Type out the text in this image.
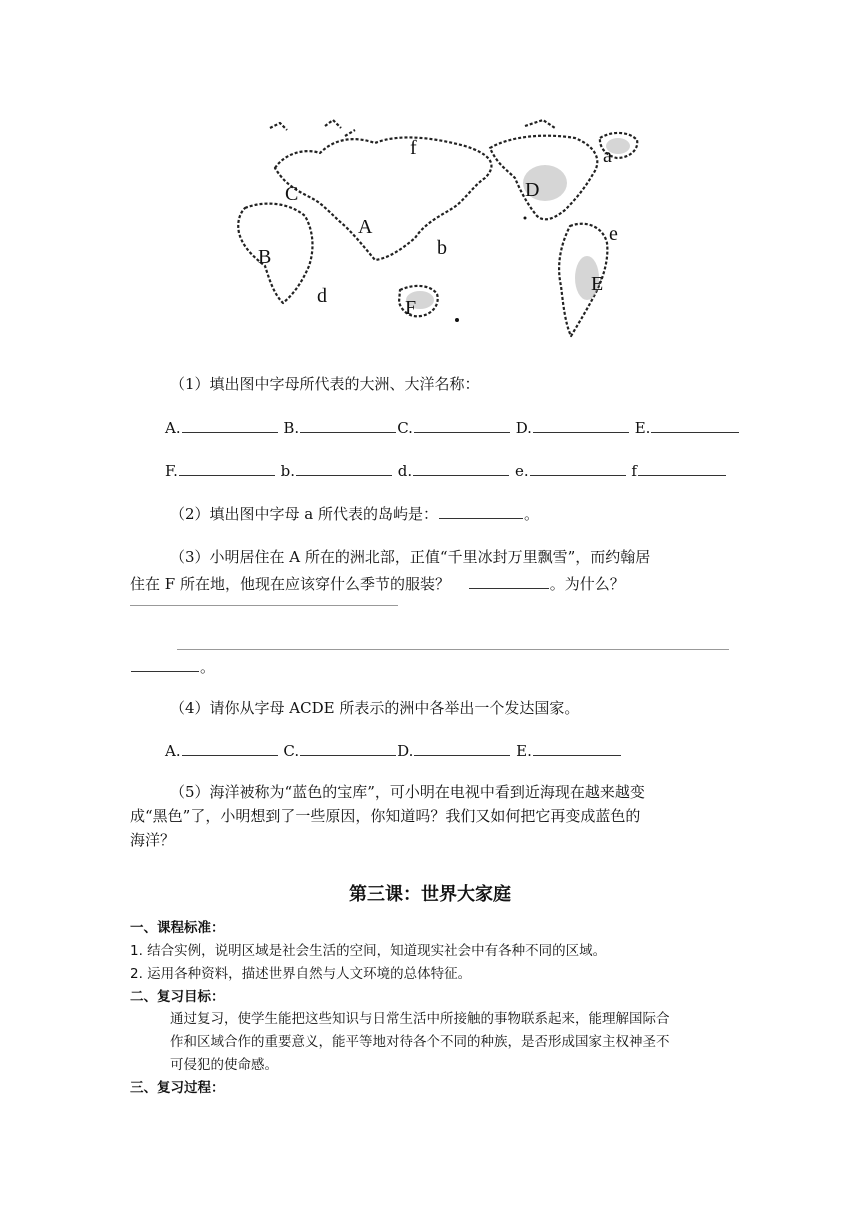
C
B
A
D
E
F
a
b
d
e
f
（1）填出图中字母所代表的大洲、大洋名称：
A.	B.	C.	D.	E.
F.	b.	d.	e.	f
（2）填出图中字母 a 所代表的岛屿是：	。
（3）小明居住在 A 所在的洲北部，正值“千里冰封万里飘雪”，而约翰居
住在 F 所在地，他现在应该穿什么季节的服装？	。为什么？
。
（4）请你从字母 ACDE 所表示的洲中各举出一个发达国家。
A.	C.	D.	E.
（5）海洋被称为“蓝色的宝库”，可小明在电视中看到近海现在越来越变
成“黑色”了，小明想到了一些原因，你知道吗？我们又如何把它再变成蓝色的
海洋？
第三课：世界大家庭
一、课程标准：
1. 结合实例，说明区域是社会生活的空间，知道现实社会中有各种不同的区域。
2. 运用各种资料，描述世界自然与人文环境的总体特征。
二、复习目标：
通过复习，使学生能把这些知识与日常生活中所接触的事物联系起来，能理解国际合
作和区域合作的重要意义，能平等地对待各个不同的种族，是否形成国家主权神圣不
可侵犯的使命感。
三、复习过程：
